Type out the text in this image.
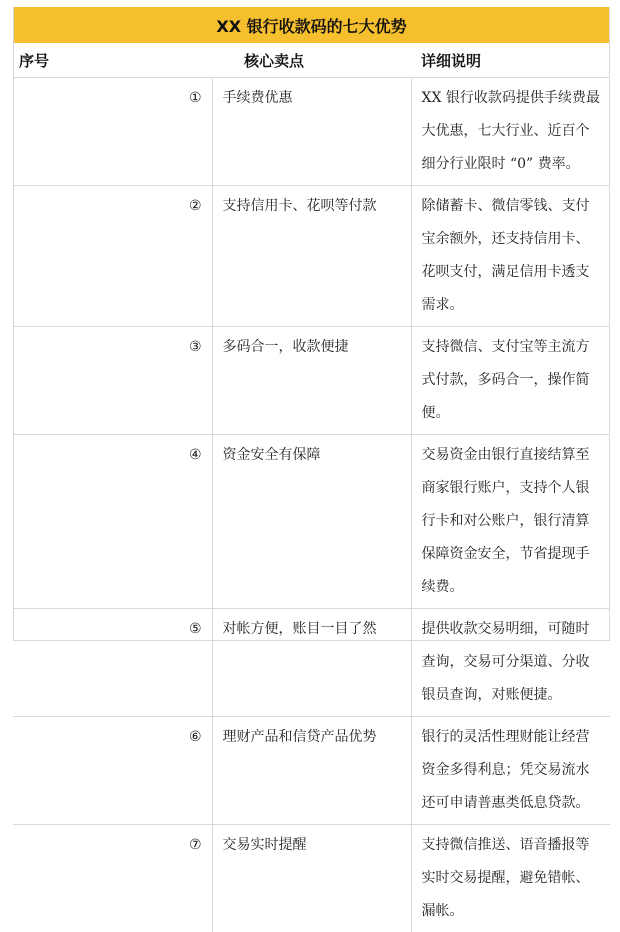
XX 银行收款码的七大优势		
序号	核心卖点	详细说明
①	手续费优惠	XX 银行收款码提供手续费最大优惠，七大行业、近百个细分行业限时 “0” 费率。
②	支持信用卡、花呗等付款	除储蓄卡、微信零钱、支付宝余额外，还支持信用卡、花呗支付，满足信用卡透支需求。
③	多码合一，收款便捷	支持微信、支付宝等主流方式付款，多码合一，操作简便。
④	资金安全有保障	交易资金由银行直接结算至商家银行账户，支持个人银行卡和对公账户，银行清算保障资金安全，节省提现手续费。
⑤	对帐方便，账目一目了然	提供收款交易明细，可随时查询，交易可分渠道、分收银员查询，对账便捷。
⑥	理财产品和信贷产品优势	银行的灵活性理财能让经营资金多得利息；凭交易流水还可申请普惠类低息贷款。
⑦	交易实时提醒	支持微信推送、语音播报等实时交易提醒，避免错帐、漏帐。
